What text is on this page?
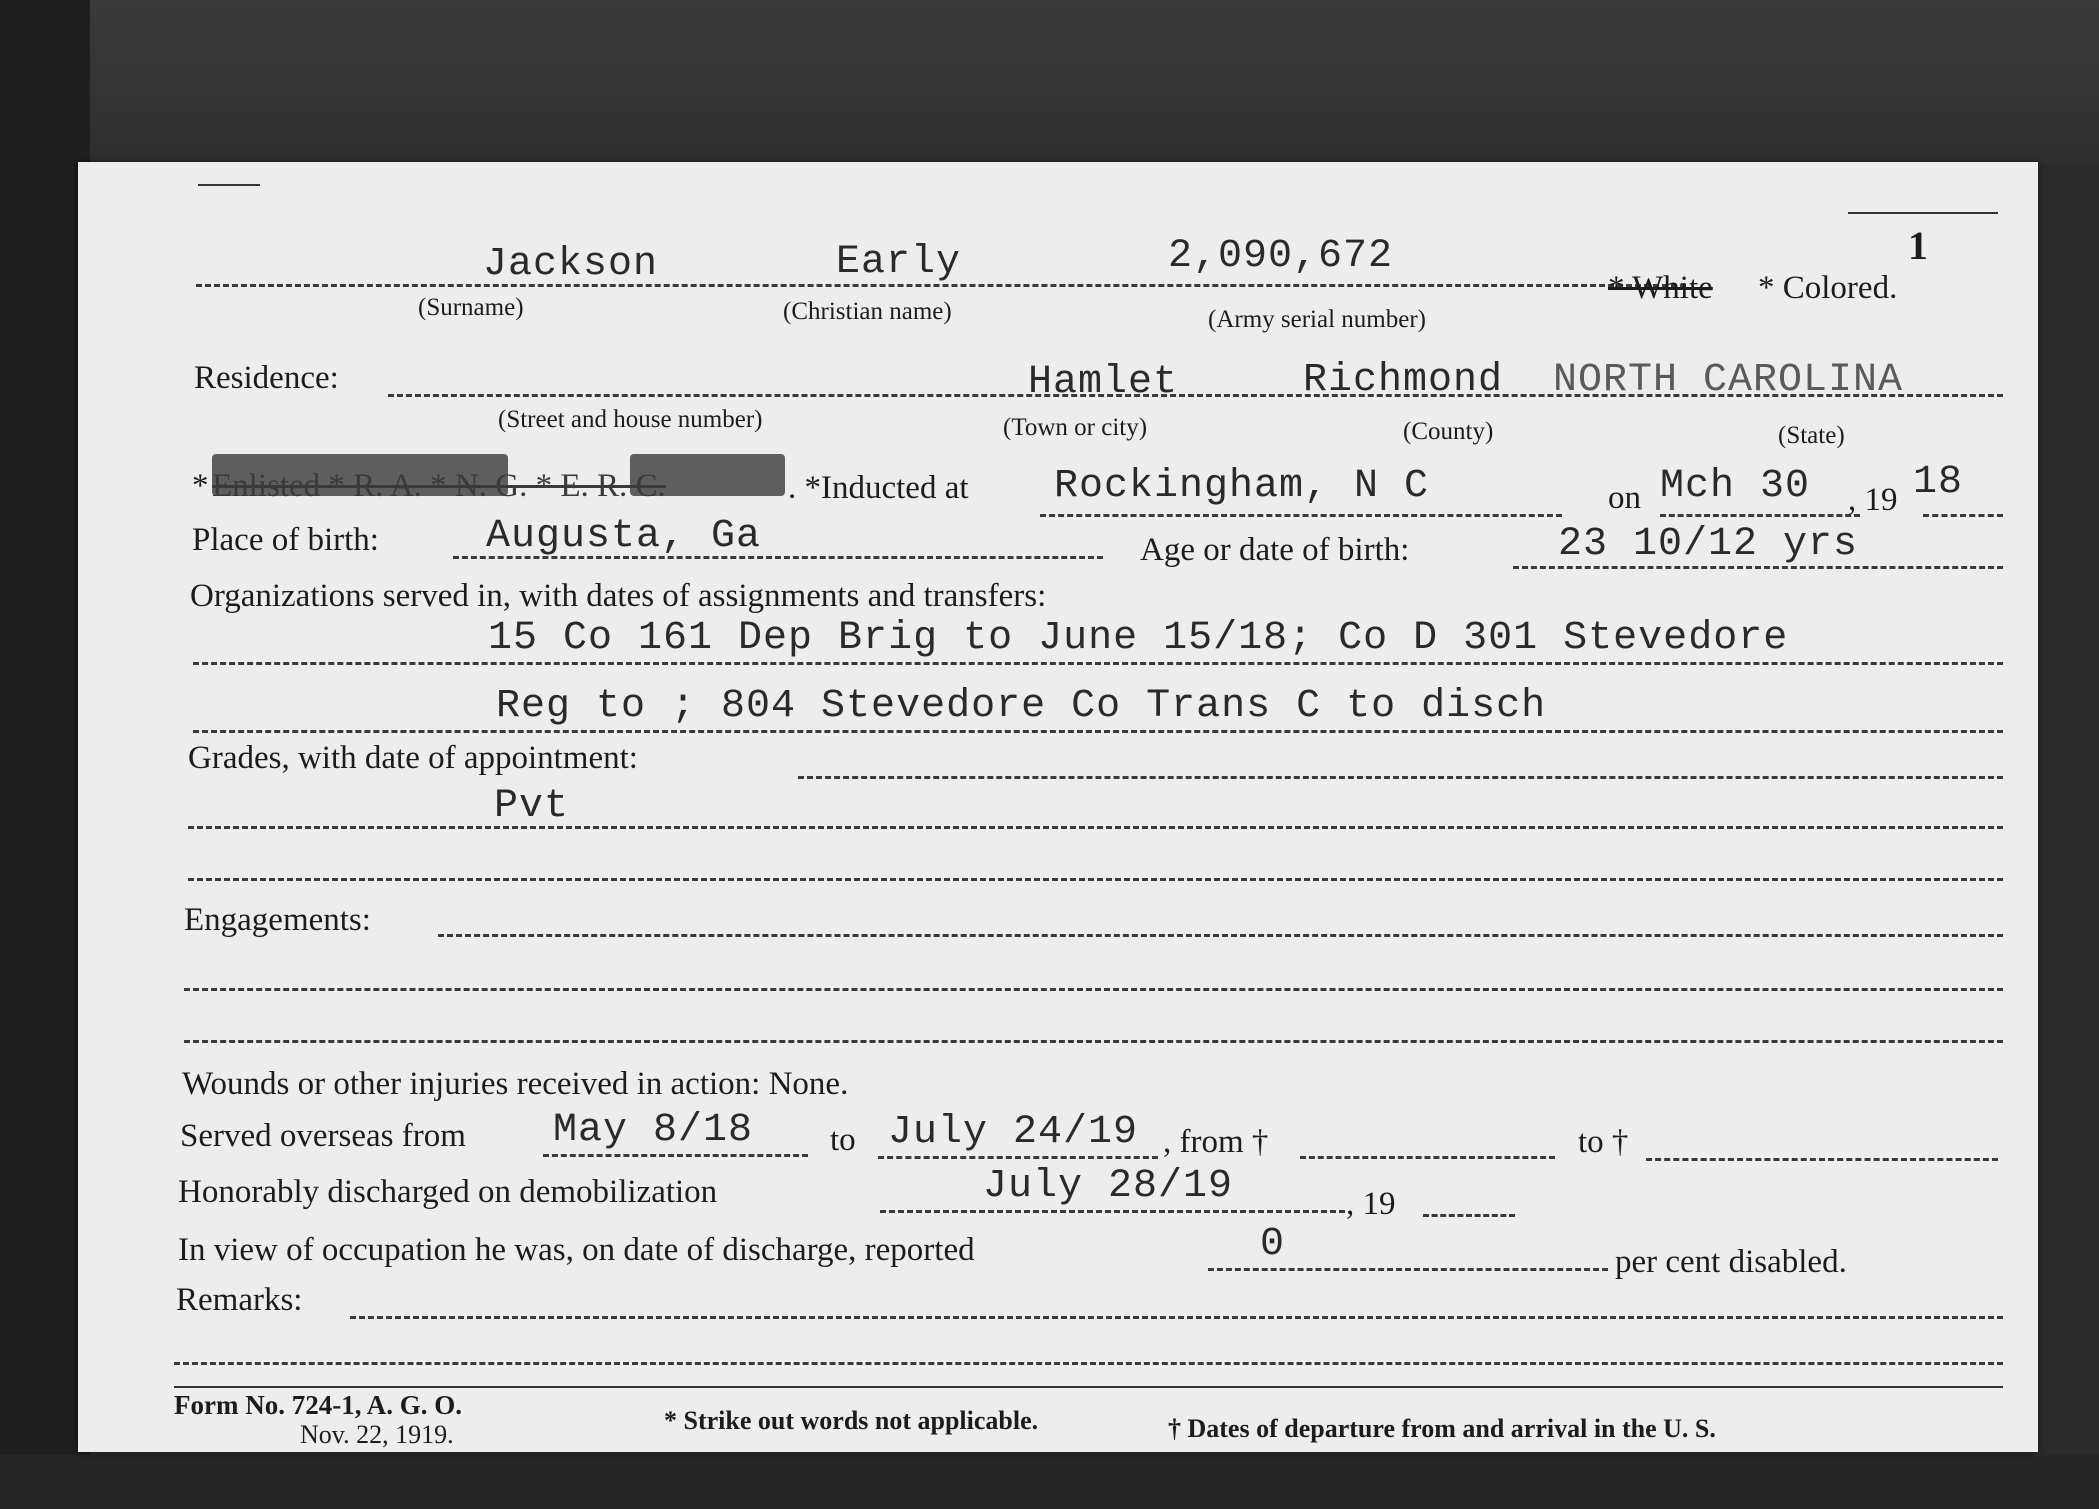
1
Jackson	Early	2,090,672
* White * Colored.
(Surname)	(Christian name)	(Army serial number)
Residence:	Hamlet	Richmond NORTH CAROLINA
(Street and house number)	(Town or city)	(County)	(State)
* Enlisted * R. A. * N. G. * E. R. C.	. *Inducted at Rockingham, N C	on Mch 30 , 19 18
Place of birth:	Augusta, Ga	Age or date of birth:	23 10/12 yrs
Organizations served in, with dates of assignments and transfers:
15 Co 161 Dep Brig to June 15/18; Co D 301 Stevedore
Reg to ; 804 Stevedore Co Trans C to disch
Grades, with date of appointment:
Pvt
Engagements:
Wounds or other injuries received in action: None.
Served overseas from May 8/18 to July 24/19 , from †	to †
Honorably discharged on demobilization	July 28/19	, 19
In view of occupation he was, on date of discharge, reported	0	per cent disabled.
Remarks:
Form No. 724-1, A. G. O.
Nov. 22, 1919.	* Strike out words not applicable.	† Dates of departure from and arrival in the U. S.
